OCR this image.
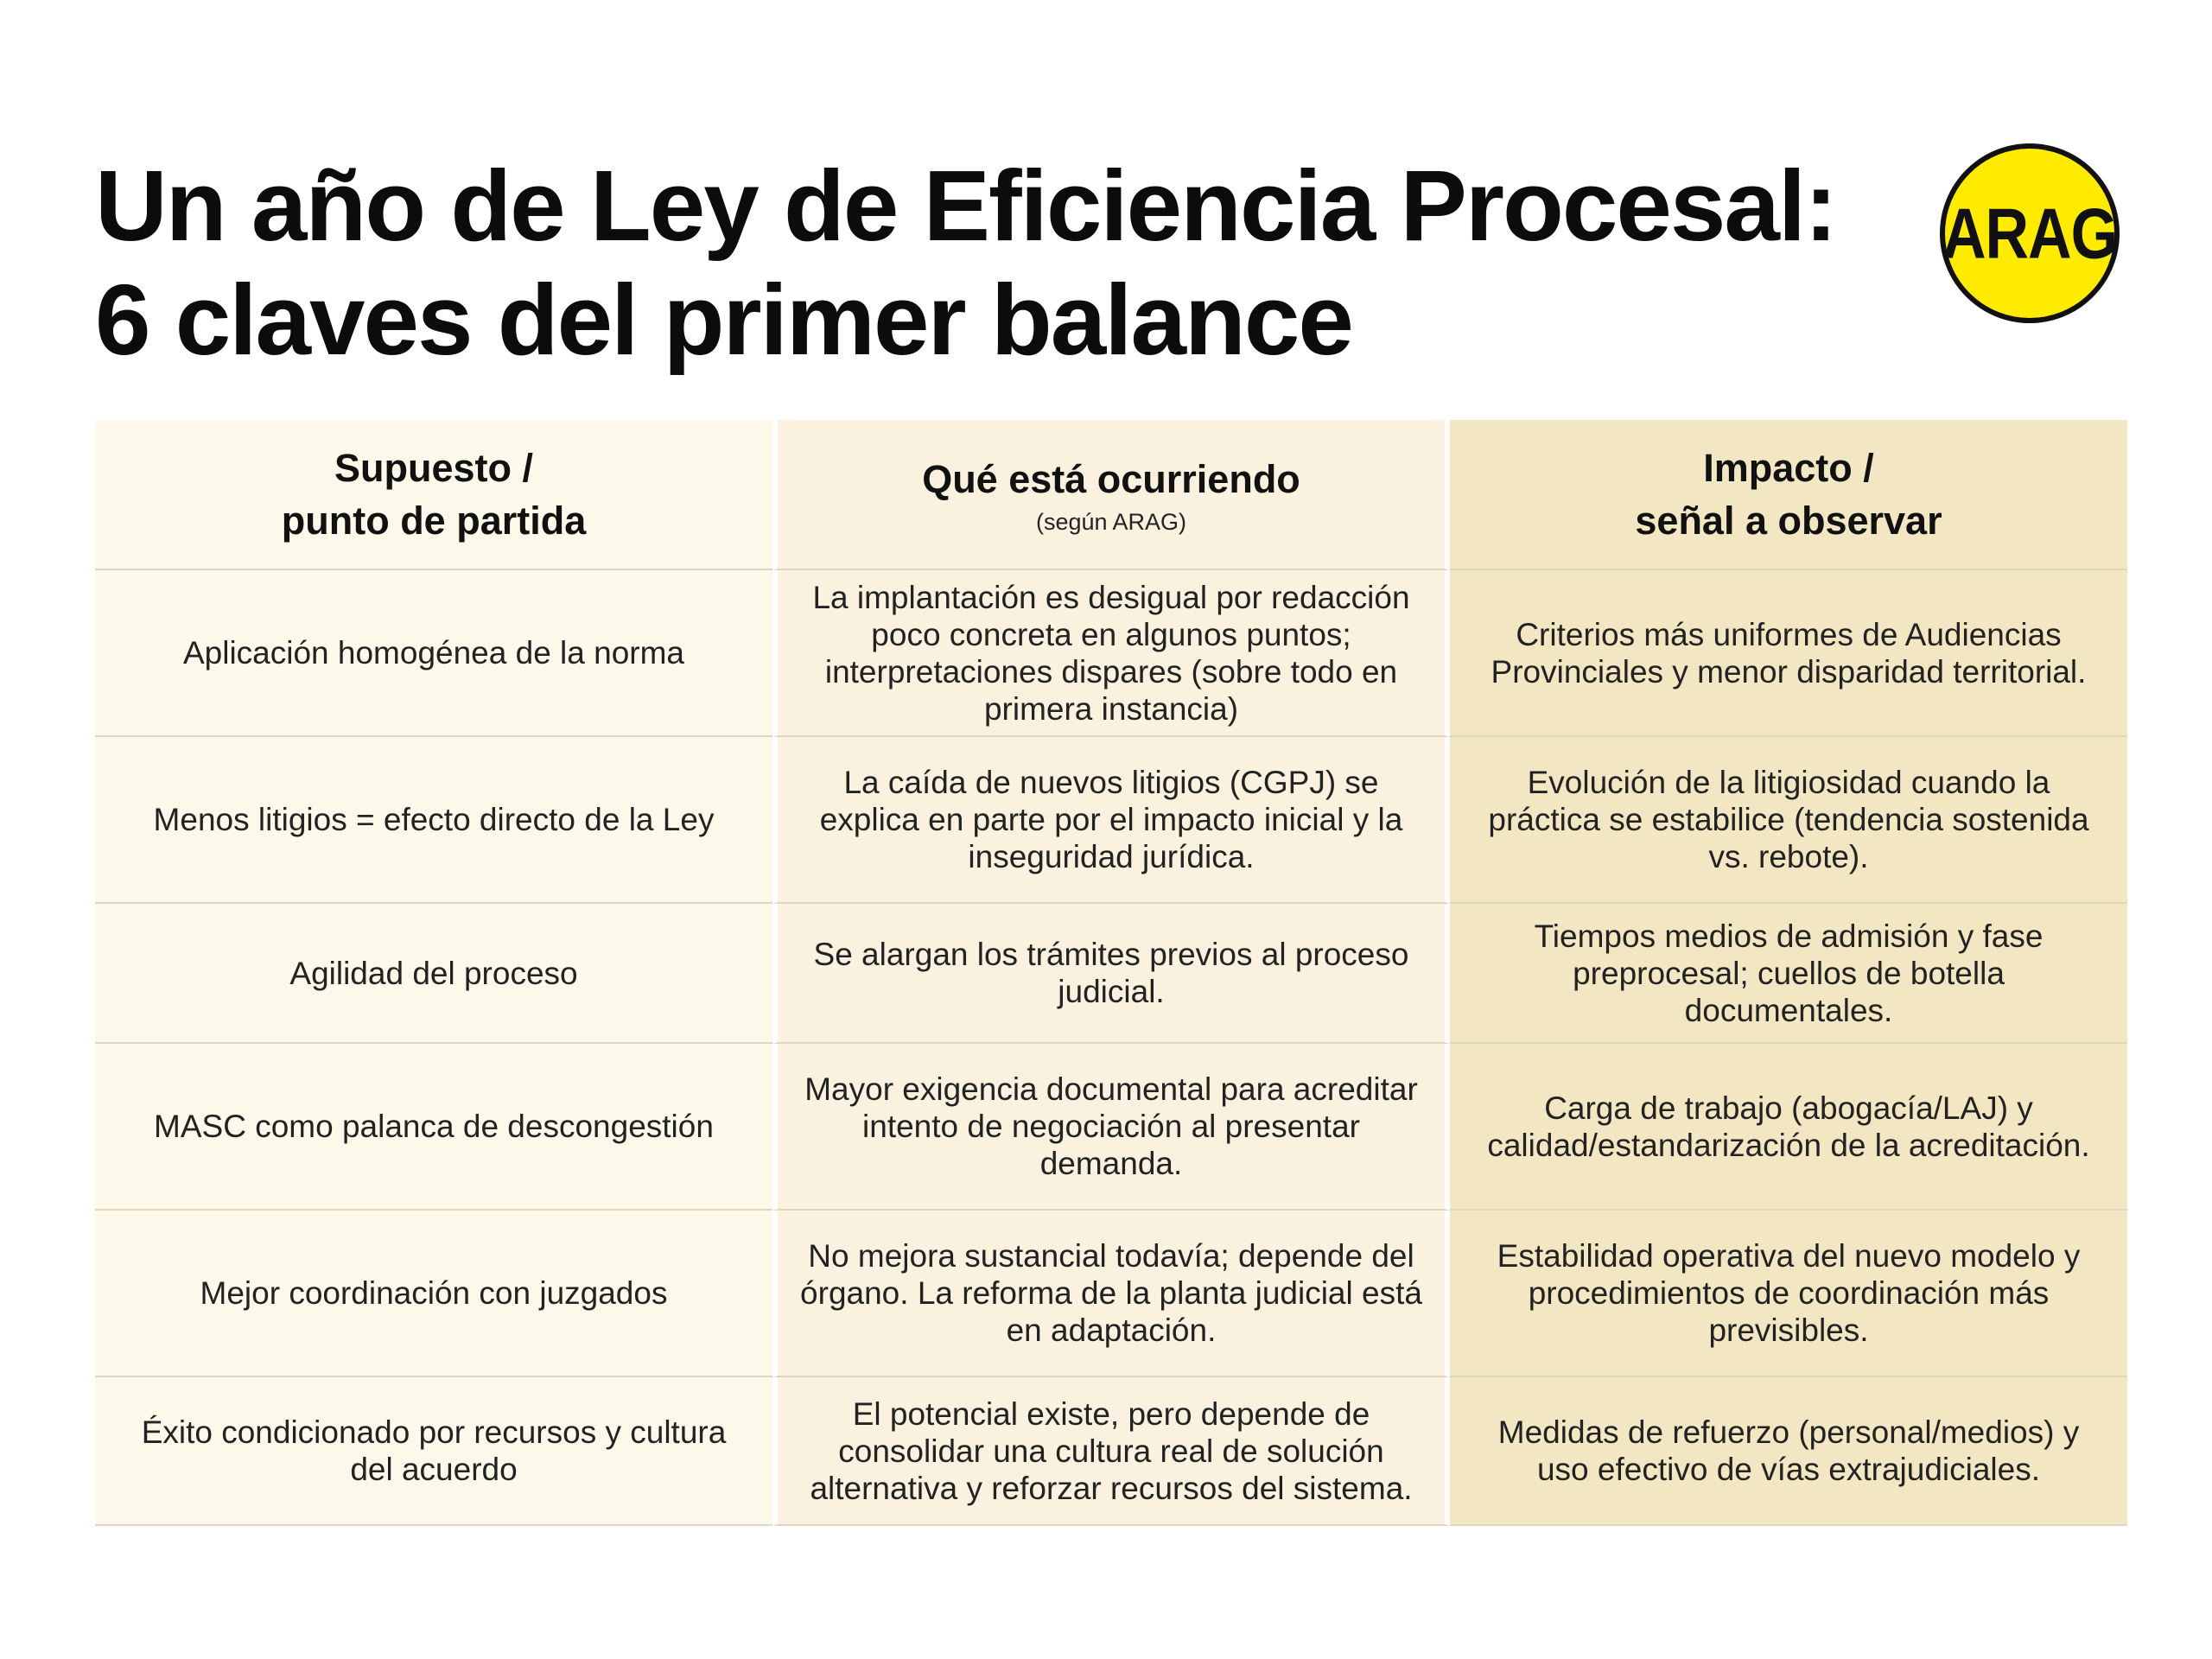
Un año de Ley de Eficiencia Procesal:
6 claves del primer balance
ARAG
Supuesto /
punto de partida
Qué está ocurriendo
(según ARAG)
Impacto /
señal a observar
Aplicación homogénea de la norma
La implantación es desigual por redacción poco concreta en algunos puntos; interpretaciones dispares (sobre todo en primera instancia)
Criterios más uniformes de Audiencias Provinciales y menor disparidad territorial.
Menos litigios = efecto directo de la Ley
La caída de nuevos litigios (CGPJ) se explica en parte por el impacto inicial y la inseguridad jurídica.
Evolución de la litigiosidad cuando la práctica se estabilice (tendencia sostenida vs. rebote).
Agilidad del proceso
Se alargan los trámites previos al proceso judicial.
Tiempos medios de admisión y fase preprocesal; cuellos de botella documentales.
MASC como palanca de descongestión
Mayor exigencia documental para acreditar intento de negociación al presentar demanda.
Carga de trabajo (abogacía/LAJ) y calidad/estandarización de la acreditación.
Mejor coordinación con juzgados
No mejora sustancial todavía; depende del órgano. La reforma de la planta judicial está en adaptación.
Estabilidad operativa del nuevo modelo y procedimientos de coordinación más previsibles.
Éxito condicionado por recursos y cultura del acuerdo
El potencial existe, pero depende de consolidar una cultura real de solución alternativa y reforzar recursos del sistema.
Medidas de refuerzo (personal/medios) y uso efectivo de vías extrajudiciales.
